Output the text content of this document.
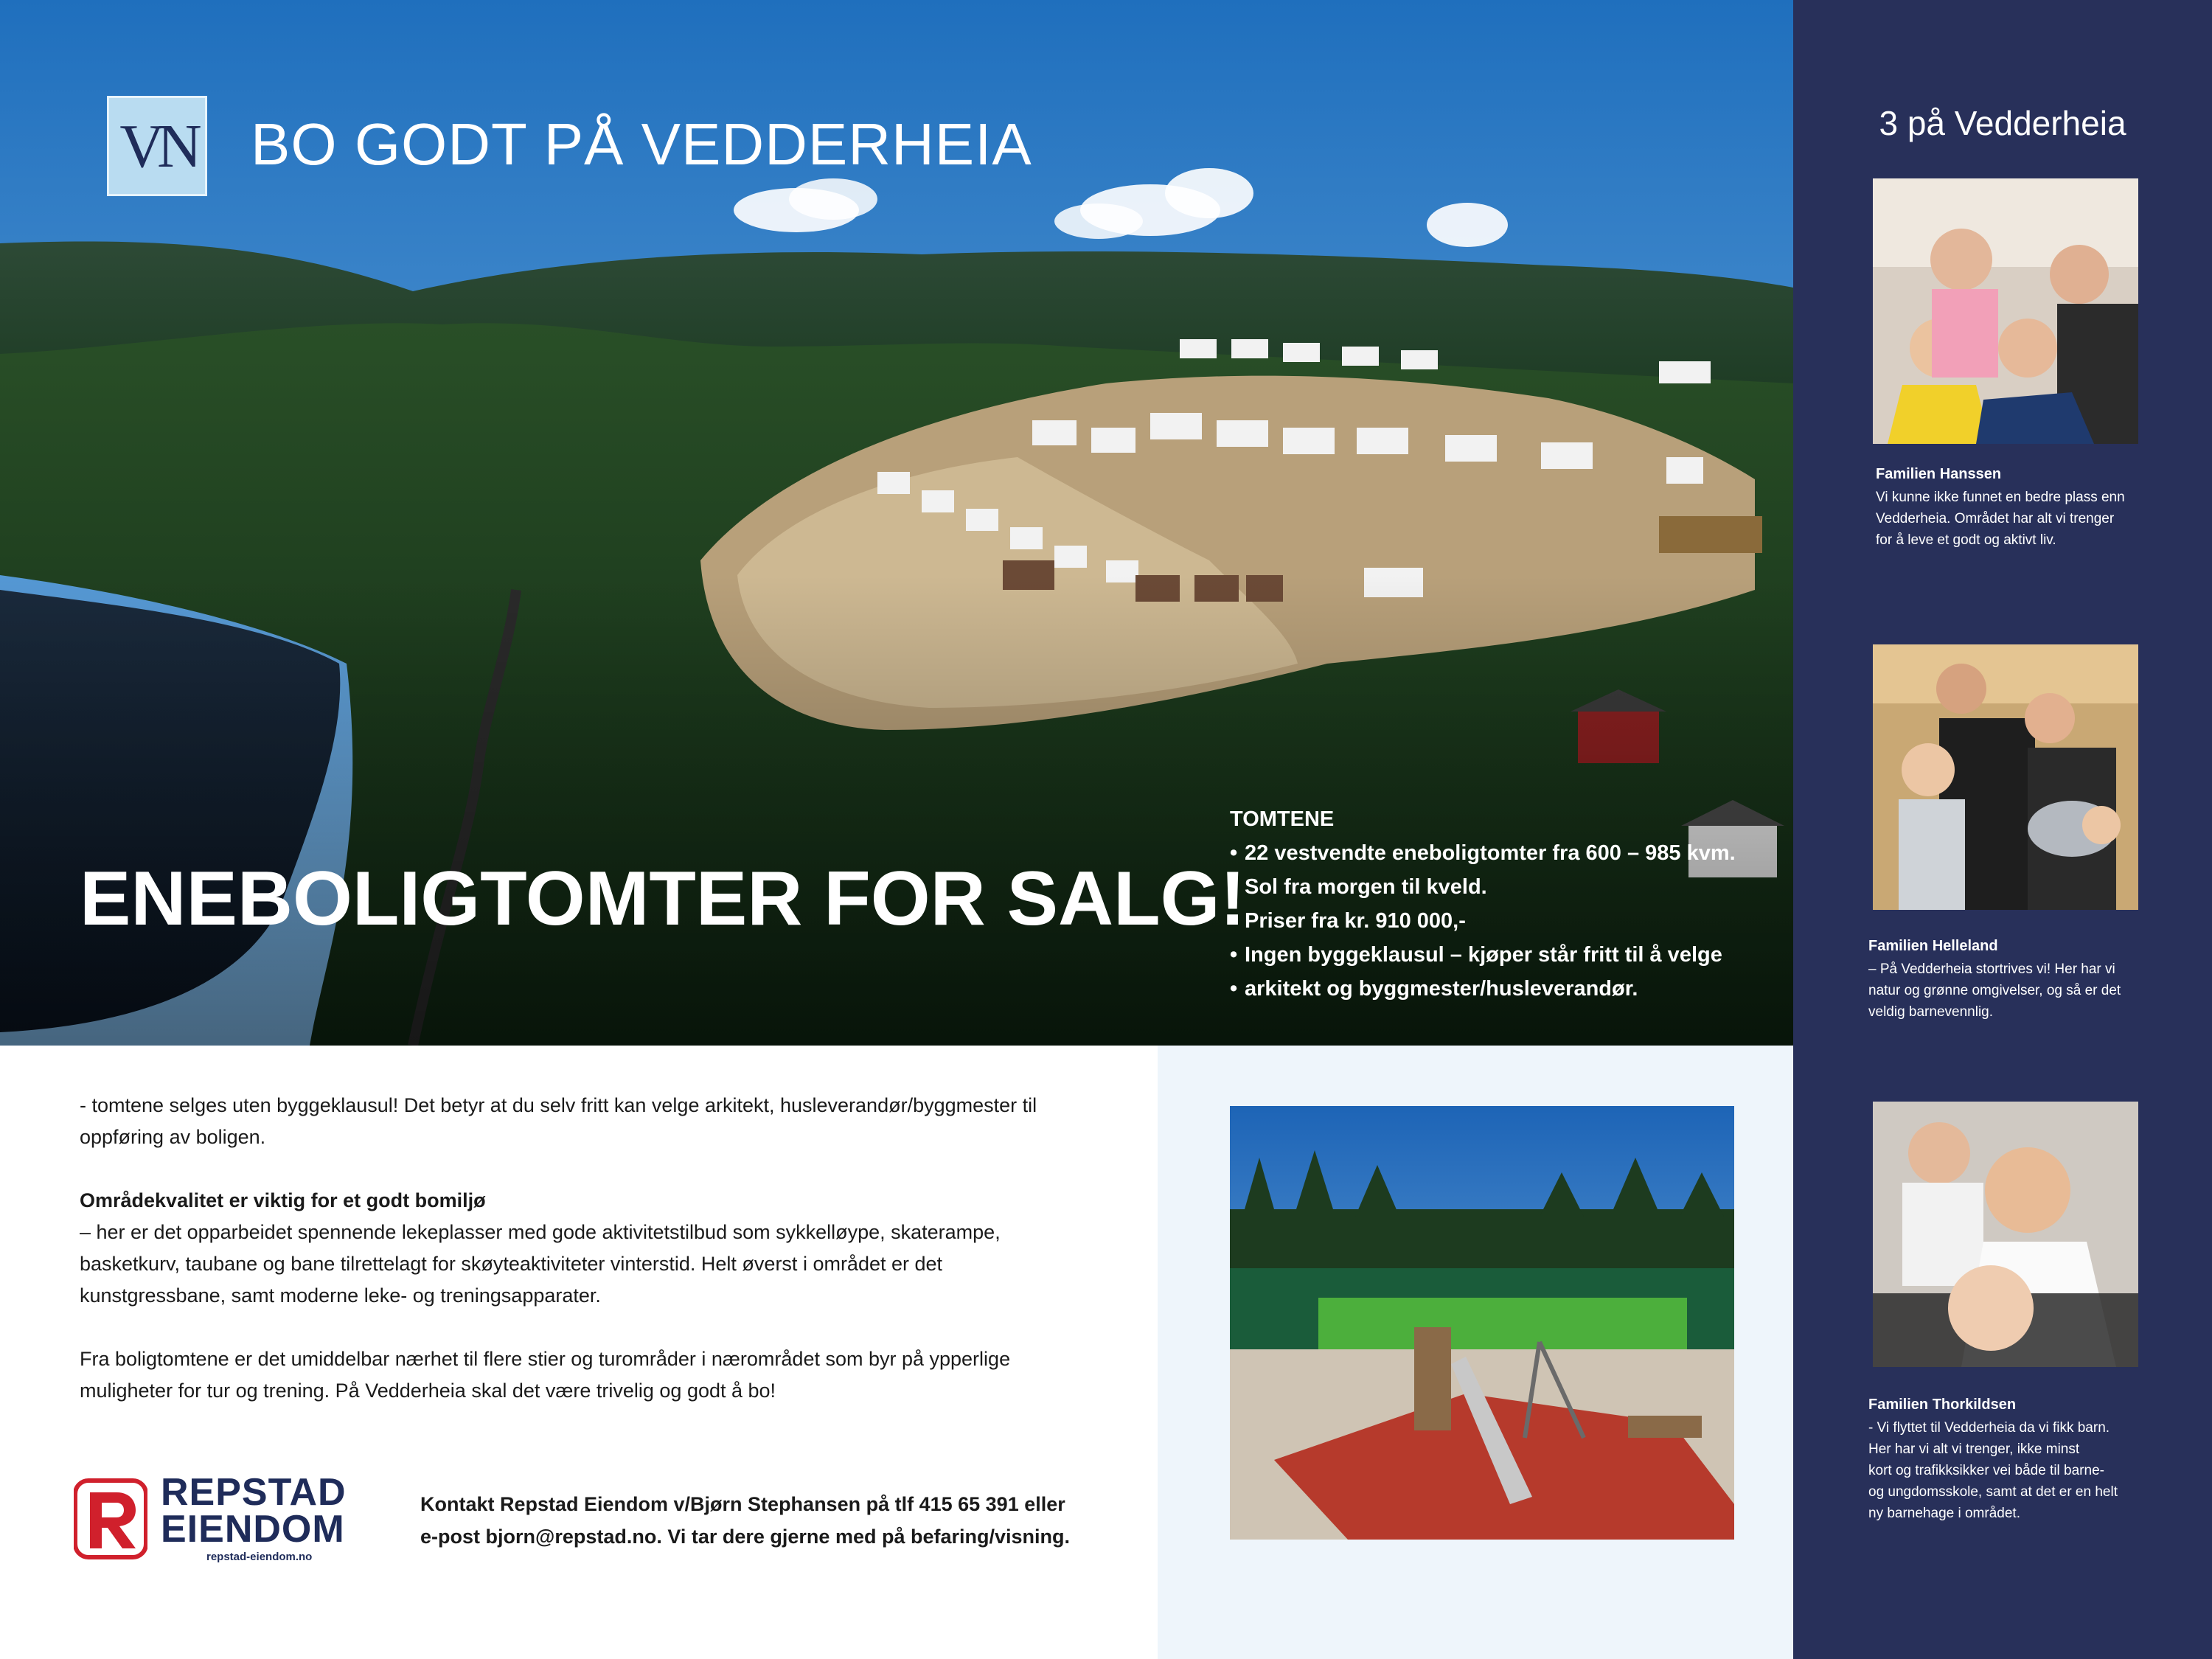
VN BO GODT PÅ VEDDERHEIA
ENEBOLIGTOMTER FOR SALG!
TOMTENE
• 22 vestvendte eneboligtomter fra 600 – 985 kvm.
• Sol fra morgen til kveld.
• Priser fra kr. 910 000,-
• Ingen byggeklausul – kjøper står fritt til å velge
• arkitekt og byggmester/husleverandør.
3 på Vedderheia
Familien Hanssen
Vi kunne ikke funnet en bedre plass enn
Vedderheia. Området har alt vi trenger
for å leve et godt og aktivt liv.
Familien Helleland
– På Vedderheia stortrives vi! Her har vi
natur og grønne omgivelser, og så er det
veldig barnevennlig.
Familien Thorkildsen
- Vi flyttet til Vedderheia da vi fikk barn.
Her har vi alt vi trenger, ikke minst
kort og trafikksikker vei både til barne-
og ungdomsskole, samt at det er en helt
ny barnehage i området.

- tomtene selges uten byggeklausul! Det betyr at du selv fritt kan velge arkitekt, husleverandør/byggmester til
oppføring av boligen.

Områdekvalitet er viktig for et godt bomiljø
– her er det opparbeidet spennende lekeplasser med gode aktivitetstilbud som sykkelløype, skaterampe,
basketkurv, taubane og bane tilrettelagt for skøyteaktiviteter vinterstid. Helt øverst i området er det
kunstgressbane, samt moderne leke- og treningsapparater.

Fra boligtomtene er det umiddelbar nærhet til flere stier og turområder i nærområdet som byr på ypperlige
muligheter for tur og trening. På Vedderheia skal det være trivelig og godt å bo!

REPSTAD
EIENDOM
repstad-eiendom.no
Kontakt Repstad Eiendom v/Bjørn Stephansen på tlf 415 65 391 eller
e-post bjorn@repstad.no. Vi tar dere gjerne med på befaring/visning.
